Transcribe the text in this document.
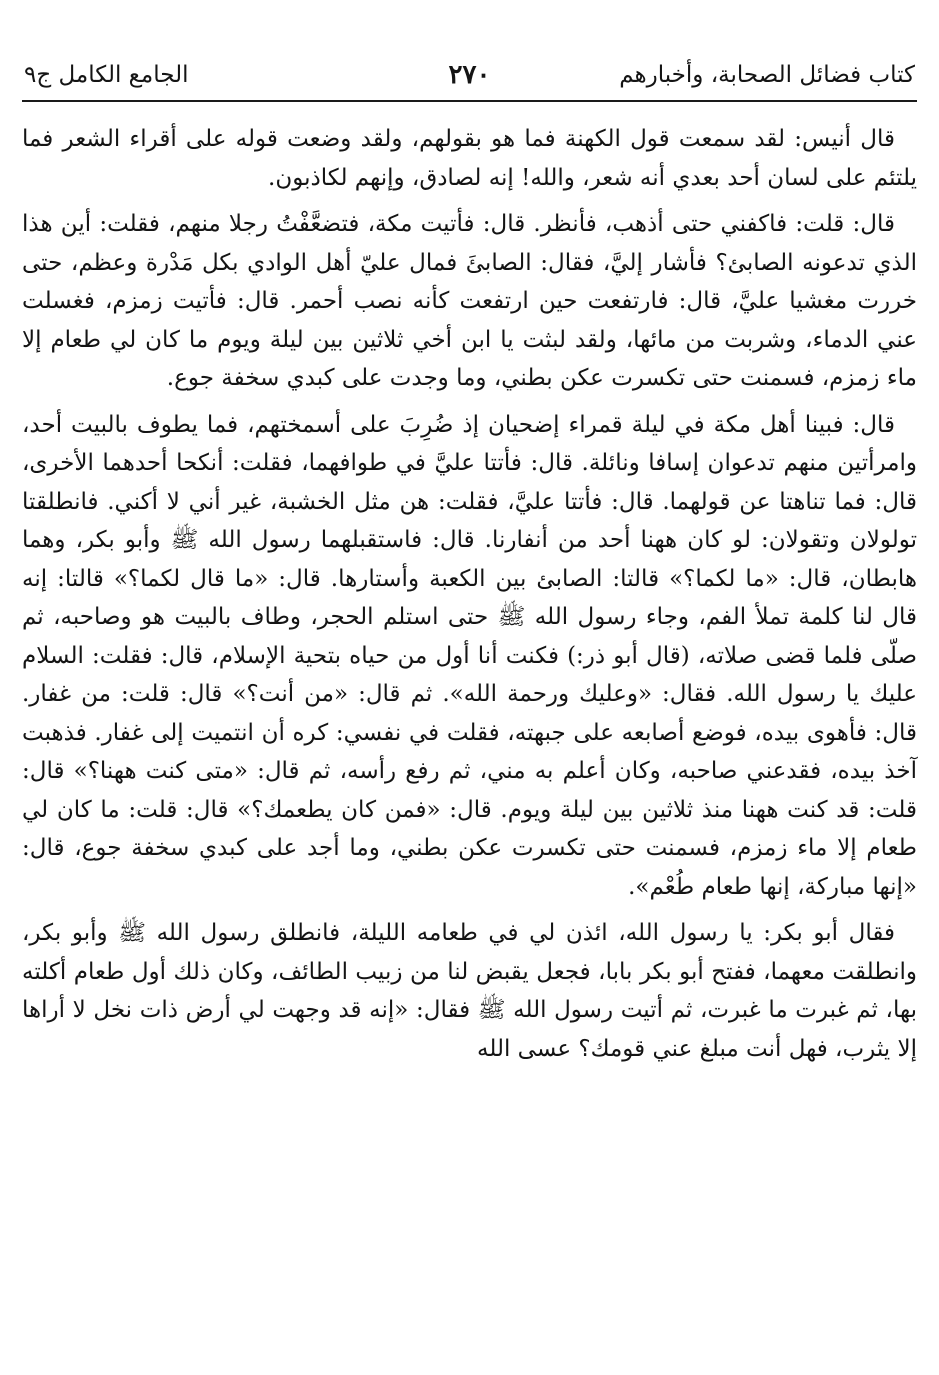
كتاب فضائل الصحابة، وأخبارهم
٢٧٠
الجامع الكامل ج٩

قال أنيس: لقد سمعت قول الكهنة فما هو بقولهم، ولقد وضعت قوله على أقراء الشعر فما يلتئم على لسان أحد بعدي أنه شعر، والله! إنه لصادق، وإنهم لكاذبون.

قال: قلت: فاكفني حتى أذهب، فأنظر. قال: فأتيت مكة، فتضعَّفْتُ رجلا منهم، فقلت: أين هذا الذي تدعونه الصابئ؟ فأشار إليَّ، فقال: الصابئَ فمال عليّ أهل الوادي بكل مَدْرة وعظم، حتى خررت مغشيا عليَّ، قال: فارتفعت حين ارتفعت كأنه نصب أحمر. قال: فأتيت زمزم، فغسلت عني الدماء، وشربت من مائها، ولقد لبثت يا ابن أخي ثلاثين بين ليلة ويوم ما كان لي طعام إلا ماء زمزم، فسمنت حتى تكسرت عكن بطني، وما وجدت على كبدي سخفة جوع.

قال: فبينا أهل مكة في ليلة قمراء إضحيان إذ ضُرِبَ على أسمختهم، فما يطوف بالبيت أحد، وامرأتين منهم تدعوان إسافا ونائلة. قال: فأتتا عليَّ في طوافهما، فقلت: أنكحا أحدهما الأخرى، قال: فما تناهتا عن قولهما. قال: فأتتا عليَّ، فقلت: هن مثل الخشبة، غير أني لا أكني. فانطلقتا تولولان وتقولان: لو كان ههنا أحد من أنفارنا. قال: فاستقبلهما رسول الله ﷺ وأبو بكر، وهما هابطان، قال: «ما لكما؟» قالتا: الصابئ بين الكعبة وأستارها. قال: «ما قال لكما؟» قالتا: إنه قال لنا كلمة تملأ الفم، وجاء رسول الله ﷺ حتى استلم الحجر، وطاف بالبيت هو وصاحبه، ثم صلّى فلما قضى صلاته، (قال أبو ذر:) فكنت أنا أول من حياه بتحية الإسلام، قال: فقلت: السلام عليك يا رسول الله. فقال: «وعليك ورحمة الله». ثم قال: «من أنت؟» قال: قلت: من غفار. قال: فأهوى بيده، فوضع أصابعه على جبهته، فقلت في نفسي: كره أن انتميت إلى غفار. فذهبت آخذ بيده، فقدعني صاحبه، وكان أعلم به مني، ثم رفع رأسه، ثم قال: «متى كنت ههنا؟» قال: قلت: قد كنت ههنا منذ ثلاثين بين ليلة ويوم. قال: «فمن كان يطعمك؟» قال: قلت: ما كان لي طعام إلا ماء زمزم، فسمنت حتى تكسرت عكن بطني، وما أجد على كبدي سخفة جوع، قال: «إنها مباركة، إنها طعام طُعْم».

فقال أبو بكر: يا رسول الله، ائذن لي في طعامه الليلة، فانطلق رسول الله ﷺ وأبو بكر، وانطلقت معهما، ففتح أبو بكر بابا، فجعل يقبض لنا من زبيب الطائف، وكان ذلك أول طعام أكلته بها، ثم غبرت ما غبرت، ثم أتيت رسول الله ﷺ فقال: «إنه قد وجهت لي أرض ذات نخل لا أراها إلا يثرب، فهل أنت مبلغ عني قومك؟ عسى الله
